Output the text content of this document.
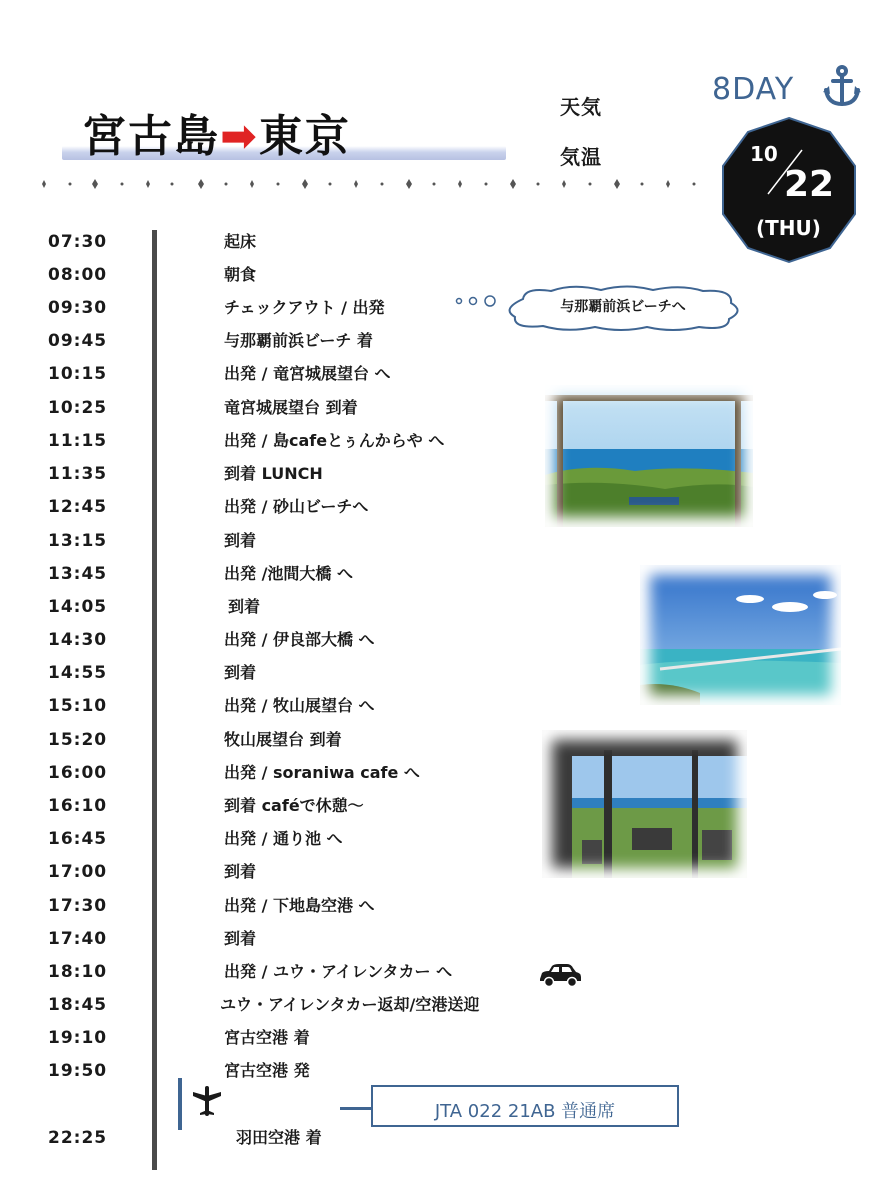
宮古島➡東京
天気
気温
8DAY
10
22
(THU)
07:30	起床
08:00	朝食
09:30	チェックアウト / 出発
09:45	与那覇前浜ビーチ 着
10:15	出発 / 竜宮城展望台 へ
10:25	竜宮城展望台 到着
11:15	出発 / 島cafeとぅんからや へ
11:35	到着 LUNCH
12:45	出発 / 砂山ビーチへ
13:15	到着
13:45	出発 /池間大橋 へ
14:05	到着
14:30	出発 / 伊良部大橋 へ
14:55	到着
15:10	出発 / 牧山展望台 へ
15:20	牧山展望台 到着
16:00	出発 / soraniwa cafe へ
16:10	到着 caféで休憩〜
16:45	出発 / 通り池 へ
17:00	到着
17:30	出発 / 下地島空港 へ
17:40	到着
18:10	出発 / ユウ・アイレンタカー へ
18:45	ユウ・アイレンタカー返却/空港送迎
19:10	宮古空港 着
19:50	宮古空港 発
22:25	羽田空港 着
与那覇前浜ビーチへ
JTA 022 21AB 普通席
